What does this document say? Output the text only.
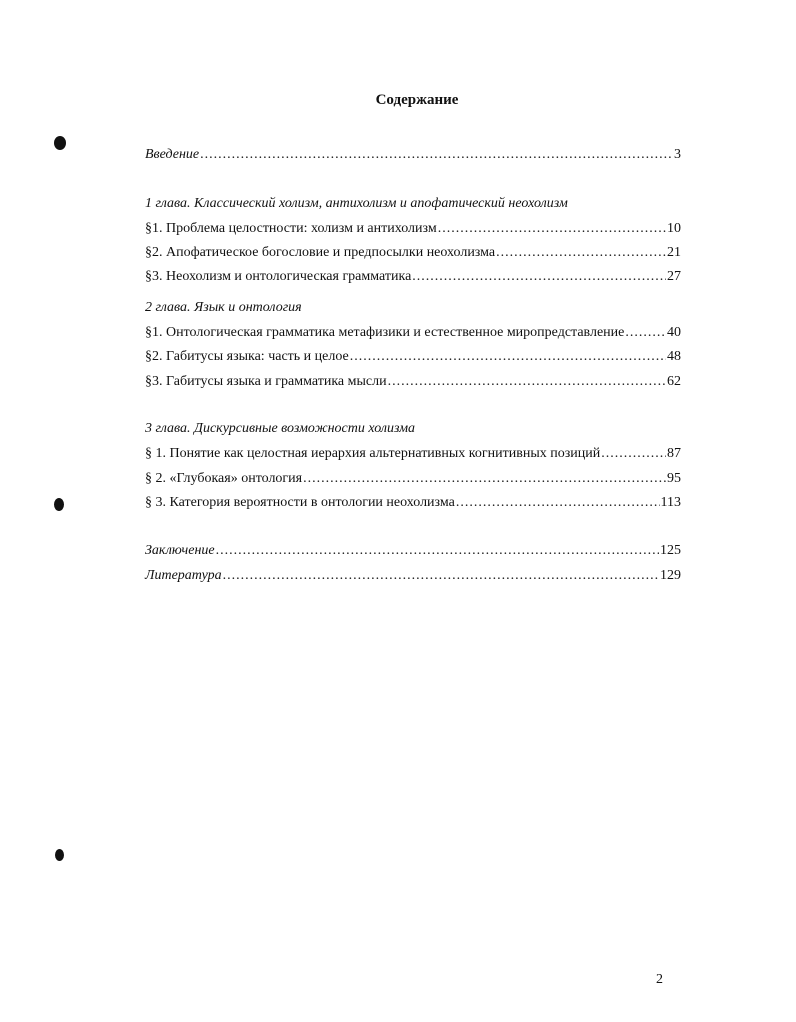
Содержание
Введение .....	3
1 глава. Классический холизм, антихолизм и апофатический неохолизм
§1. Проблема целостности: холизм и антихолизм .....	10
§2. Апофатическое богословие и предпосылки неохолизма .....	21
§3. Неохолизм и онтологическая грамматика .....	27
2 глава. Язык и онтология
§1. Онтологическая грамматика метафизики и естественное миропредставление .....	40
§2. Габитусы языка: часть и целое .....	48
§3. Габитусы языка и грамматика мысли .....	62
3 глава. Дискурсивные возможности холизма
§ 1. Понятие как целостная иерархия альтернативных когнитивных позиций .....	87
§ 2. «Глубокая» онтология .....	95
§ 3. Категория вероятности в онтологии неохолизма .....	113
Заключение .....	125
Литература .....	129
2
